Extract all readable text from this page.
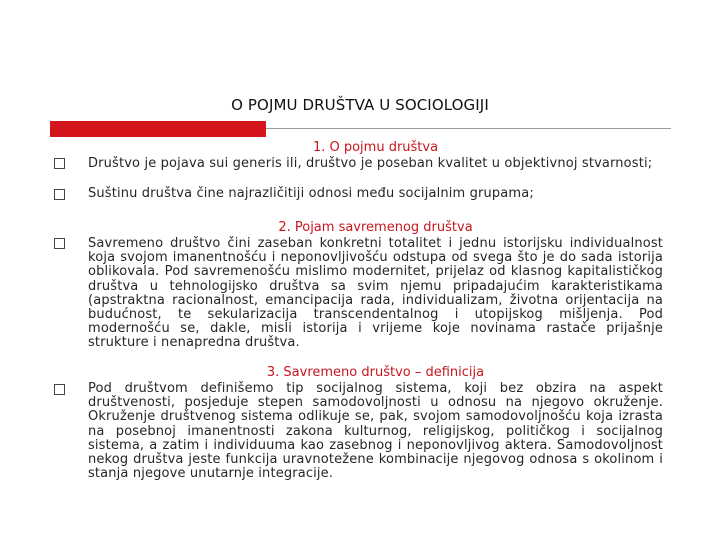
O POJMU DRUŠTVA U SOCIOLOGIJI
1. O pojmu društva
Društvo je pojava sui generis ili, društvo je poseban kvalitet u objektivnoj stvarnosti;
Suštinu društva čine najrazličitiji odnosi među socijalnim grupama;
2. Pojam savremenog društva
Savremeno društvo čini zaseban konkretni totalitet i jednu istorijsku individualnost koja svojom imanentnošću i neponovljivošću odstupa od svega što je do sada istorija oblikovala. Pod savremenošću mislimo modernitet, prijelaz od klasnog kapitalističkog društva u tehnologijsko društva sa svim njemu pripadajućim karakteristikama (apstraktna racionalnost, emancipacija rada, individualizam, životna orijentacija na budućnost, te sekularizacija transcendentalnog i utopijskog mišljenja. Pod modernošću se, dakle, misli istorija i vrijeme koje novinama rastače prijašnje strukture i nenapredna društva.
3. Savremeno društvo – definicija
Pod društvom definišemo tip socijalnog sistema, koji bez obzira na aspekt društvenosti, posjeduje stepen samodovoljnosti u odnosu na njegovo okruženje. Okruženje društvenog sistema odlikuje se, pak, svojom samodovoljnošću koja izrasta na posebnoj imanentnosti zakona kulturnog, religijskog, političkog i socijalnog sistema, a zatim i individuuma kao zasebnog i neponovljivog aktera. Samodovoljnost nekog društva jeste funkcija uravnotežene kombinacije njegovog odnosa s okolinom i stanja njegove unutarnje integracije.
